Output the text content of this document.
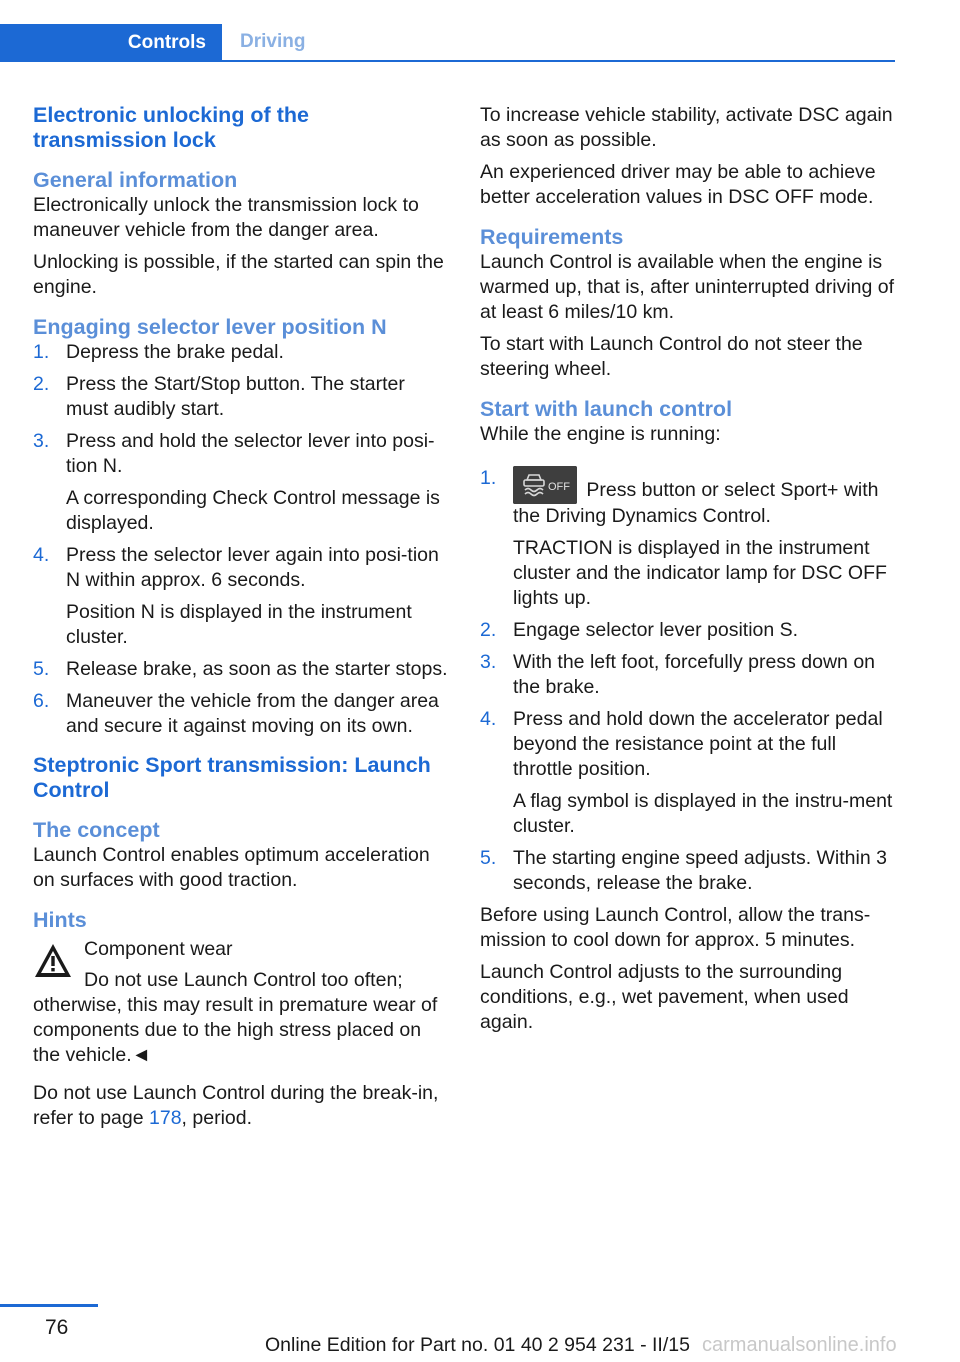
Controls	Driving
Electronic unlocking of the transmission lock
General information

Electronically unlock the transmission lock to maneuver vehicle from the danger area.

Unlocking is possible, if the started can spin the engine.

Engaging selector lever position N
1. Depress the brake pedal.
2. Press the Start/Stop button. The starter must audibly start.
3. Press and hold the selector lever into posi‐tion N.
A corresponding Check Control message is displayed.
4. Press the selector lever again into posi‐tion N within approx. 6 seconds.
Position N is displayed in the instrument cluster.
5. Release brake, as soon as the starter stops.
6. Maneuver the vehicle from the danger area and secure it against moving on its own.
Steptronic Sport transmission: Launch Control
The concept

Launch Control enables optimum acceleration on surfaces with good traction.

Hints
Component wear
Do not use Launch Control too often;
otherwise, this may result in premature wear of components due to the high stress placed on the vehicle.◄

Do not use Launch Control during the break-in, refer to page 178, period.

To increase vehicle stability, activate DSC again as soon as possible.

An experienced driver may be able to achieve better acceleration values in DSC OFF mode.

Requirements

Launch Control is available when the engine is warmed up, that is, after uninterrupted driving of at least 6 miles/10 km.

To start with Launch Control do not steer the steering wheel.

Start with launch control

While the engine is running:

1.	OFF Press button or select Sport+ with the Driving Dynamics Control.
TRACTION is displayed in the instrument cluster and the indicator lamp for DSC OFF lights up.
2. Engage selector lever position S.
3. With the left foot, forcefully press down on the brake.
4. Press and hold down the accelerator pedal beyond the resistance point at the full throttle position.
A flag symbol is displayed in the instru‐ment cluster.
5. The starting engine speed adjusts. Within 3 seconds, release the brake.

Before using Launch Control, allow the trans‐mission to cool down for approx. 5 minutes.

Launch Control adjusts to the surrounding conditions, e.g., wet pavement, when used again.

76
Online Edition for Part no. 01 40 2 954 231 - II/15 carmanualsonline.info
